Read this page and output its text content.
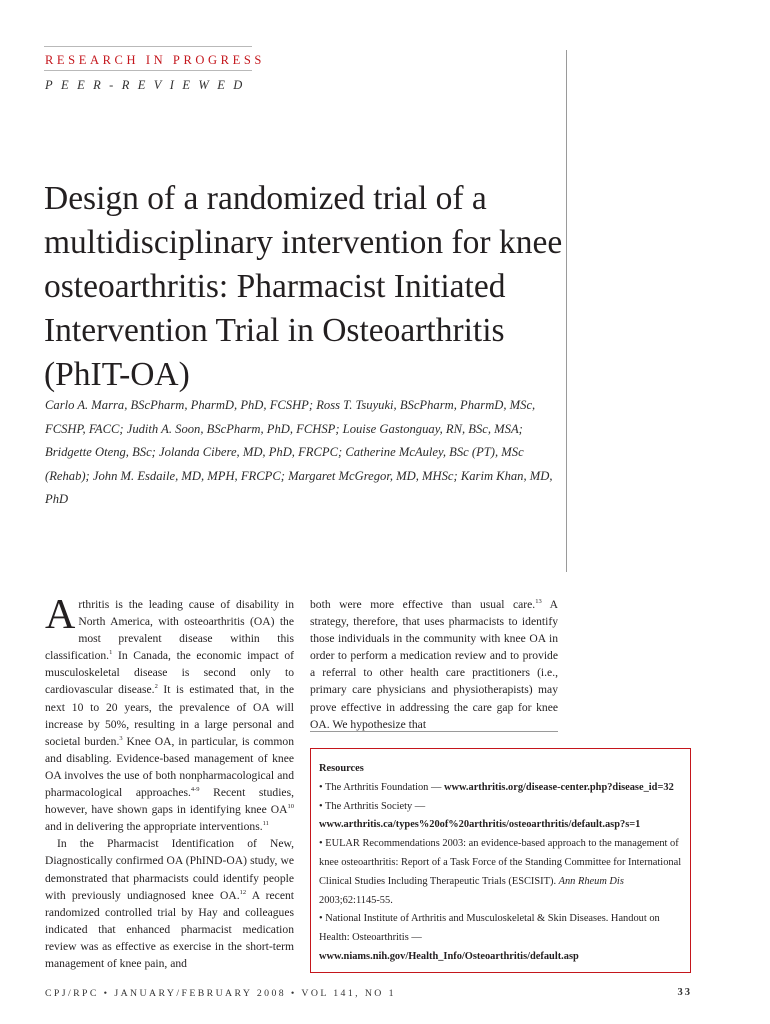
RESEARCH IN PROGRESS
PEER-REVIEWED
Design of a randomized trial of a multidisciplinary intervention for knee osteoarthritis: Pharmacist Initiated Intervention Trial in Osteoarthritis (PhIT-OA)

Carlo A. Marra, BScPharm, PharmD, PhD, FCSHP; Ross T. Tsuyuki, BScPharm, PharmD, MSc, FCSHP, FACC; Judith A. Soon, BScPharm, PhD, FCHSP; Louise Gastonguay, RN, BSc, MSA; Bridgette Oteng, BSc; Jolanda Cibere, MD, PhD, FRCPC; Catherine McAuley, BSc (PT), MSc (Rehab); John M. Esdaile, MD, MPH, FRCPC; Margaret McGregor, MD, MHSc; Karim Khan, MD, PhD

Arthritis is the leading cause of disability in North America, with osteoarthritis (OA) the most prevalent disease within this classification.$^1$ In Canada, the economic impact of musculoskeletal disease is second only to cardiovascular disease.$^2$ It is estimated that, in the next 10 to 20 years, the prevalence of OA will increase by 50%, resulting in a large personal and societal burden.$^3$ Knee OA, in particular, is common and disabling. Evidence-based management of knee OA involves the use of both nonpharmacological and pharmacological approaches.$^{4-9}$ Recent studies, however, have shown gaps in identifying knee OA$^{10}$ and in delivering the appropriate interventions.$^{11}$

In the Pharmacist Identification of New, Diagnostically confirmed OA (PhIND-OA) study, we demonstrated that pharmacists could identify people with previously undiagnosed knee OA.$^{12}$ A recent randomized controlled trial by Hay and colleagues indicated that enhanced pharmacist medication review was as effective as exercise in the short-term management of knee pain, and

both were more effective than usual care.$^{13}$ A strategy, therefore, that uses pharmacists to identify those individuals in the community with knee OA in order to perform a medication review and to provide a referral to other health care practitioners (i.e., primary care physicians and physiotherapists) may prove effective in addressing the care gap for knee OA. We hypothesize that

Resources

• The Arthritis Foundation — www.arthritis.org/disease-center.php?disease_id=32

• The Arthritis Society — www.arthritis.ca/types%20of%20arthritis/osteoarthritis/default.asp?s=1

• EULAR Recommendations 2003: an evidence-based approach to the management of knee osteoarthritis: Report of a Task Force of the Standing Committee for International Clinical Studies Including Therapeutic Trials (ESCISIT). Ann Rheum Dis 2003;62:1145-55.

• National Institute of Arthritis and Musculoskeletal & Skin Diseases. Handout on Health: Osteoarthritis — www.niams.nih.gov/Health_Info/Osteoarthritis/default.asp

CPJ/RPC • JANUARY/FEBRUARY 2008 • VOL 141, NO 1	33
